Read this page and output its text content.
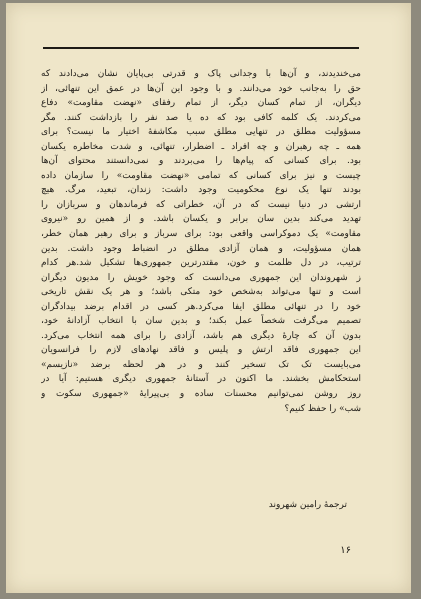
می‌خندیدند، و آن‌ها با وجدانی پاک و قدرتی بی‌پایان نشان می‌دادند که
حق را به‌جانب خود می‌دانند. و با وجود این آن‌ها در عمق این تنهائی، از
دیگران، از تمام کسان دیگر، از تمام رفقای «نهضت مقاومت» دفاع
می‌کردند. یک کلمه کافی بود که ده یا صد نفر را بازداشت کنند. مگر
مسؤولیت مطلق در تنهایی مطلق سبب مکاشفهٔ اختیار ما نیست؟ برای
همه ـ چه رهبران و چه افراد ـ اضطرار، تنهائی، و شدت مخاطره یکسان
بود. برای کسانی که پیام‌ها را می‌بردند و نمی‌دانستند محتوای آن‌ها
چیست و نیز برای کسانی که تمامی «نهضت مقاومت» را سازمان داده
بودند تنها یک نوع محکومیت وجود داشت: زندان، تبعید، مرگ. هیچ
ارتشی در دنیا نیست که در آن، خطراتی که فرماندهان و سربازان را
تهدید می‌کند بدین سان برابر و یکسان باشد. و از همین رو «نیروی
مقاومت» یک دموکراسی واقعی بود: برای سرباز و برای رهبر همان خطر،
همان مسؤولیت، و همان آزادی مطلق در انضباط وجود داشت. بدین
ترتیب، در دل ظلمت و خون، مقتدرترین جمهوری‌ها تشکیل شد.هر کدام
ز شهروندان این جمهوری می‌دانست که وجود خویش را مدیون دیگران
است و تنها می‌تواند به‌شخص خود متکی باشد؛ و هر یک نقش تاریخی
خود را در تنهائی مطلق ایفا می‌کرد.هر کسی در اقدام برضد بیدادگران
تصمیم می‌گرفت شخصاً عمل بکند؛ و بدین سان با انتخاب آزادانهٔ خود،
بدون آن که چارهٔ دیگری هم باشد، آزادی را برای همه انتخاب می‌کرد.
این جمهوری فاقد ارتش و پلیس و فاقد نهادهای لازم را فرانسویان
می‌بایست تک تک تسخیر کنند و در هر لحظه برضد «نازیسم»
استحکامش بخشند. ما اکنون در آستانهٔ جمهوری دیگری هستیم: آیا در
روز روشن نمی‌توانیم محسنات ساده و بی‌پیرایهٔ «جمهوری سکوت و
شب» را حفظ کنیم؟
ترجمهٔ رامین شهروند
۱۶
